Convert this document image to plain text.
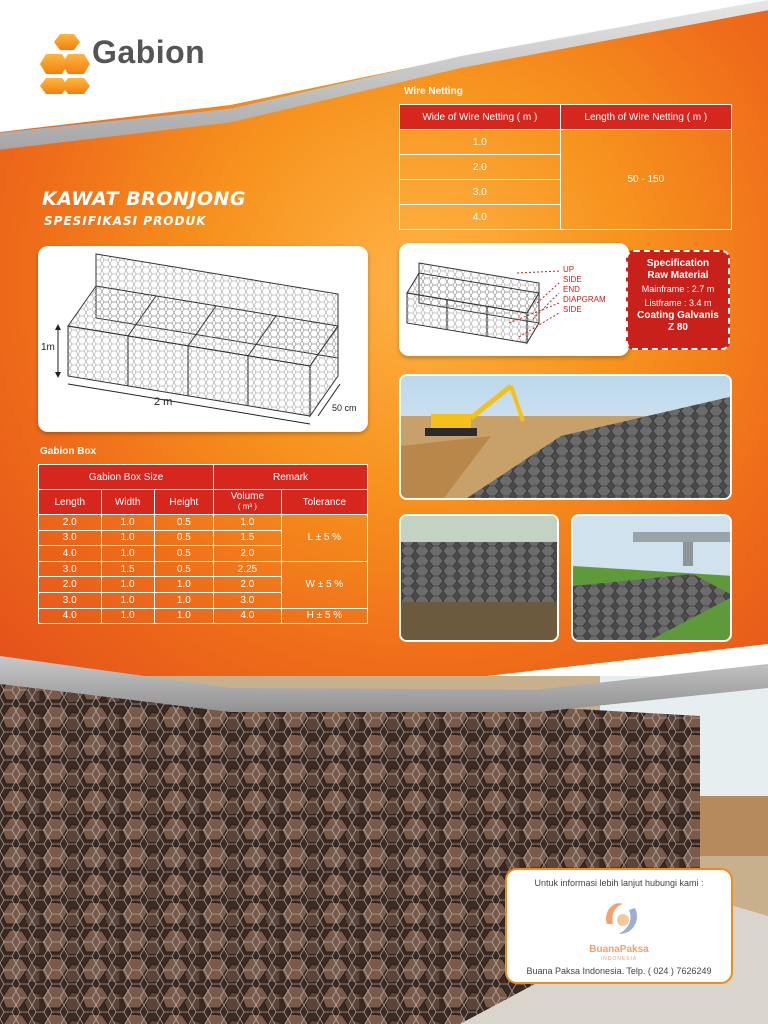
Gabion
KAWAT BRONJONG
SPESIFIKASI PRODUK
Wire Netting
Wide of Wire Netting ( m )	Length of Wire Netting ( m )
1.0	50 - 150
2.0	
3.0	
4.0	
1m
2 m	50 cm
UP
SIDE
END
DIAPGRAM
SIDE
Specification
Raw Material
Mainframe : 2.7 m
Listframe : 3.4 m
Coating Galvanis
Z 80
Gabion Box
Gabion Box Size			Remark	
Length	Width	Height	Volume
( m³ )	Tolerance
2.0	1.0	0.5	1.0	L ± 5 %
3.0	1.0	0.5	1.5	
4.0	1.0	0.5	2.0	
3.0	1.5	0.5	2.25	W ± 5 %
2.0	1.0	1.0	2.0	
3.0	1.0	1.0	3.0	
4.0	1.0	1.0	4.0	H ± 5 %
Untuk informasi lebih lanjut hubungi kami :
BuanaPaksa
INDONESIA
Buana Paksa Indonesia. Telp. ( 024 ) 7626249
